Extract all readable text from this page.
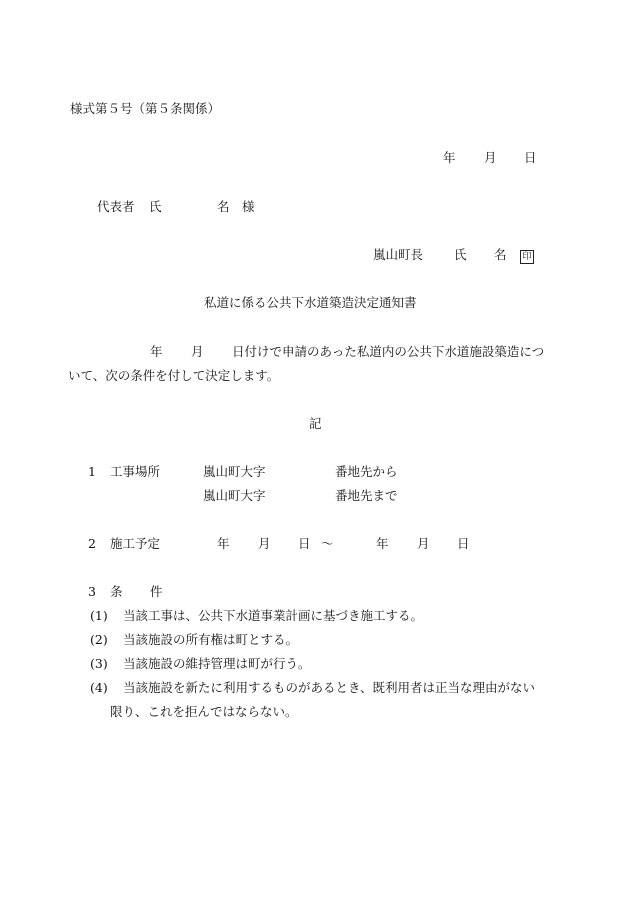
様式第５号（第５条関係）
年 月 日
代表者 氏	名 様
嵐山町長 氏 名 印
私道に係る公共下水道築造決定通知書
年 月 日付けで申請のあった私道内の公共下水道施設築造につ
いて、次の条件を付して決定します。
記
1 工事場所	嵐山町大字	番地先から
嵐山町大字	番地先まで
2 施工予定	年 月 日 ～	年 月 日
3 条 件
(1) 当該工事は、公共下水道事業計画に基づき施工する。
(2) 当該施設の所有権は町とする。
(3) 当該施設の維持管理は町が行う。
(4) 当該施設を新たに利用するものがあるとき、既利用者は正当な理由がない
限り、これを拒んではならない。
